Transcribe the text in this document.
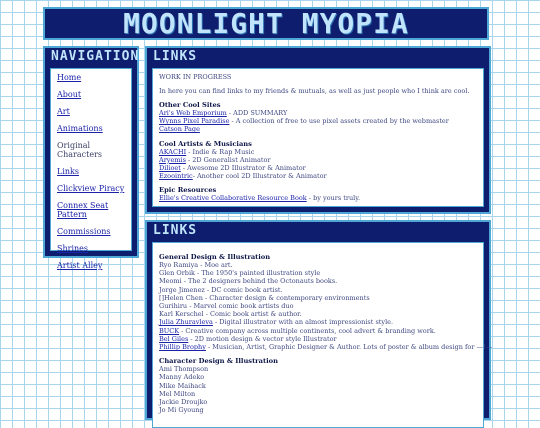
MOONLIGHT MYOPIA
NAVIGATION
Home
About
Art
Animations
Original Characters
Links
Clickview Piracy
Connex Seat Pattern
Commissions
Shrines
Artist Alley
LINKS

WORK IN PROGRESS

In here you can find links to my friends & mutuals, as well as just people who I think are cool.

Other Cool Sites

Ari's Web Emporium - ADD SUMMARY

Wynns Pixel Paradise - A collection of free to use pixel assets created by the webmaster

Catson Page

Cool Artists & Musicians

AKACHI - Indie & Rap Music

Aryemis - 2D Generalist Animator

Dilioet - Awesome 2D Illustrator & Animator

Ezoointric- Another cool 2D Illustrator & Animator

Epic Resources

Ellie's Creative Collaborative Resource Book - by yours truly.

LINKS

General Design & Illustration

Ryo Ramiya - Moe art.

Glen Orbik - The 1950's painted illustration style

Meomi - The 2 designers behind the Octonauts books.

Jorge Jimenez - DC comic book artist.

[]Helen Chen - Character design & contemporary environments

Gurihiru - Marvel comic book artists duo

Karl Kerschel - Comic book artist & author.

Julia Zhuravleva - Digital illustrator with an almost impressionist style.

BUCK - Creative company across multiple continents, cool advert & branding work.

Bel Giles - 2D motion design & vector style Illustrator

Phillip Brophy - Musician, Artist, Graphic Designer & Author. Lots of poster & album design for —!—

Character Design & Illustration

Ami Thompson

Manny Adeko

Mike Maihack

Mel Milton

Jackie Droujko

Jo Mi Gyoung
